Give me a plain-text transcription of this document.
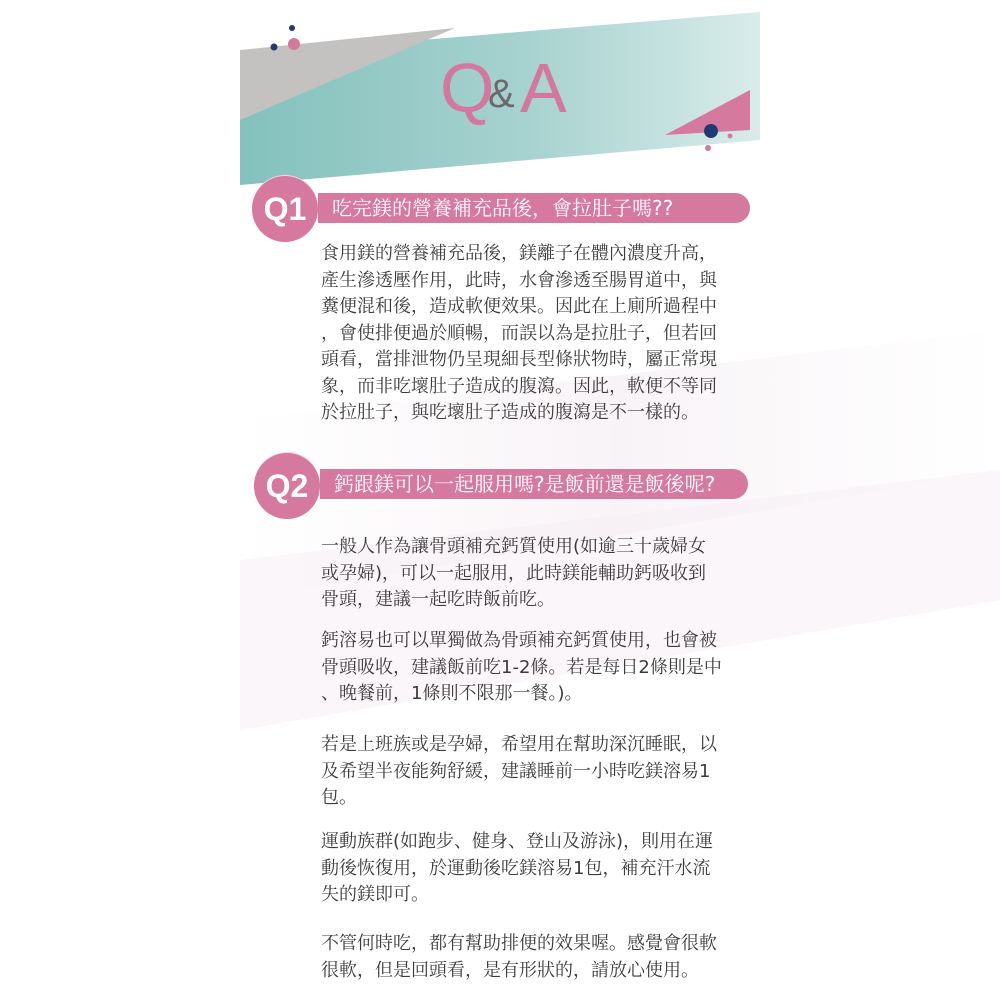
Q
& A
吃完鎂的營養補充品後，會拉肚子嗎??
Q1
食用鎂的營養補充品後，鎂離子在體內濃度升高，
產生滲透壓作用，此時，水會滲透至腸胃道中，與
糞便混和後，造成軟便效果。因此在上廁所過程中
，會使排便過於順暢，而誤以為是拉肚子，但若回
頭看，當排泄物仍呈現細長型條狀物時，屬正常現
象，而非吃壞肚子造成的腹瀉。因此，軟便不等同
於拉肚子，與吃壞肚子造成的腹瀉是不一樣的。
鈣跟鎂可以一起服用嗎?是飯前還是飯後呢?
Q2
一般人作為讓骨頭補充鈣質使用(如逾三十歲婦女
或孕婦)，可以一起服用，此時鎂能輔助鈣吸收到
骨頭，建議一起吃時飯前吃。
鈣溶易也可以單獨做為骨頭補充鈣質使用，也會被
骨頭吸收，建議飯前吃1-2條。若是每日2條則是中
、晚餐前，1條則不限那一餐。)。
若是上班族或是孕婦，希望用在幫助深沉睡眠，以
及希望半夜能夠舒緩，建議睡前一小時吃鎂溶易1
包。
運動族群(如跑步、健身、登山及游泳)，則用在運
動後恢復用，於運動後吃鎂溶易1包，補充汗水流
失的鎂即可。
不管何時吃，都有幫助排便的效果喔。感覺會很軟
很軟，但是回頭看，是有形狀的，請放心使用。
